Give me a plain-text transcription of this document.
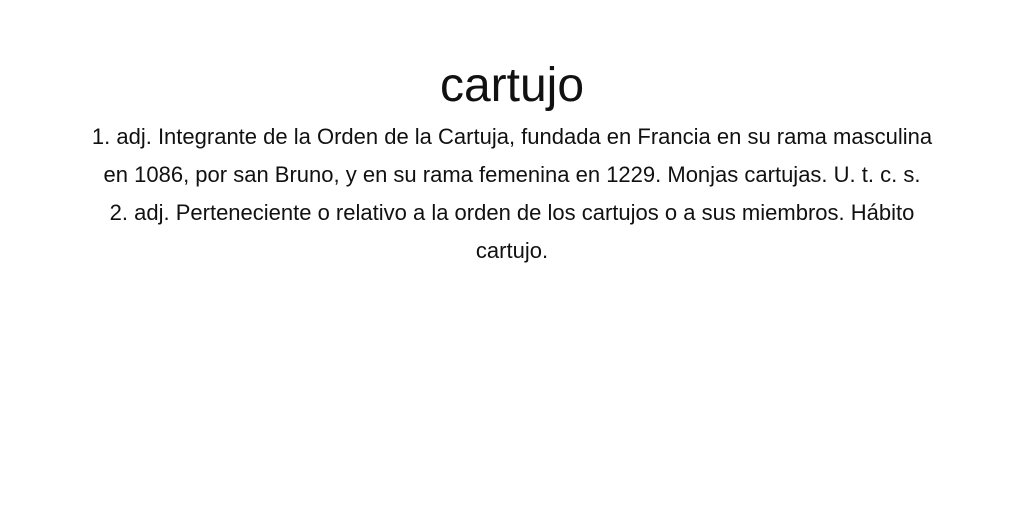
cartujo
1. adj. Integrante de la Orden de la Cartuja, fundada en Francia en su rama masculina en 1086, por san Bruno, y en su rama femenina en 1229. Monjas cartujas. U. t. c. s.
2. adj. Perteneciente o relativo a la orden de los cartujos o a sus miembros. Hábito cartujo.
